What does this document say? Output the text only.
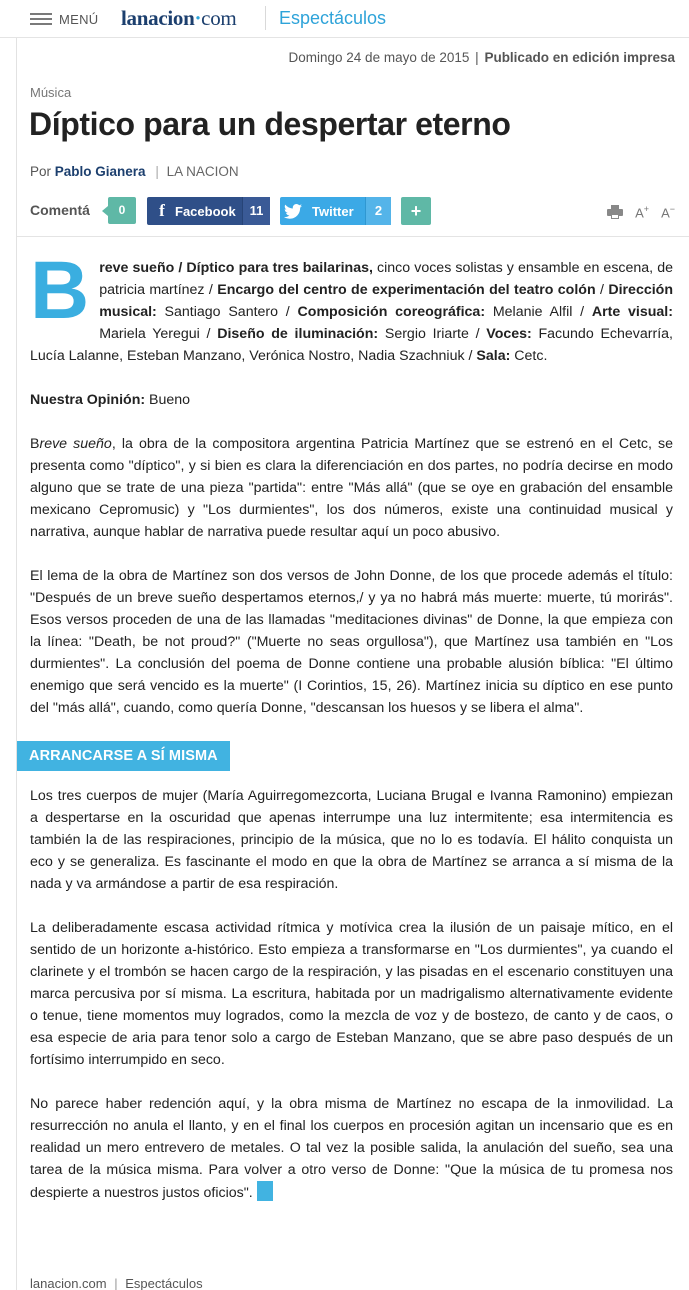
MENÚ lanacion·com Espectáculos
Domingo 24 de mayo de 2015 | Publicado en edición impresa
Música
Díptico para un despertar eterno
Por Pablo Gianera | LA NACION
Comentá	0	f Facebook	11	Twitter	2	+	A+ A−

Breve sueño / Díptico para tres bailarinas, cinco voces solistas y ensamble en escena, de patricia martínez / Encargo del centro de experimentación del teatro colón / Dirección musical: Santiago Santero / Composición coreográfica: Melanie Alfil / Arte visual: Mariela Yeregui / Diseño de iluminación: Sergio Iriarte / Voces: Facundo Echevarría, Lucía Lalanne, Esteban Manzano, Verónica Nostro, Nadia Szachniuk / Sala: Cetc.

Nuestra Opinión: Bueno

Breve sueño, la obra de la compositora argentina Patricia Martínez que se estrenó en el Cetc, se presenta como "díptico", y si bien es clara la diferenciación en dos partes, no podría decirse en modo alguno que se trate de una pieza "partida": entre "Más allá" (que se oye en grabación del ensamble mexicano Cepromusic) y "Los durmientes", los dos números, existe una continuidad musical y narrativa, aunque hablar de narrativa puede resultar aquí un poco abusivo.

El lema de la obra de Martínez son dos versos de John Donne, de los que procede además el título: "Después de un breve sueño despertamos eternos,/ y ya no habrá más muerte: muerte, tú morirás". Esos versos proceden de una de las llamadas "meditaciones divinas" de Donne, la que empieza con la línea: "Death, be not proud?" ("Muerte no seas orgullosa"), que Martínez usa también en "Los durmientes". La conclusión del poema de Donne contiene una probable alusión bíblica: "El último enemigo que será vencido es la muerte" (I Corintios, 15, 26). Martínez inicia su díptico en ese punto del "más allá", cuando, como quería Donne, "descansan los huesos y se libera el alma".

ARRANCARSE A SÍ MISMA

Los tres cuerpos de mujer (María Aguirregomezcorta, Luciana Brugal e Ivanna Ramonino) empiezan a despertarse en la oscuridad que apenas interrumpe una luz intermitente; esa intermitencia es también la de las respiraciones, principio de la música, que no lo es todavía. El hálito conquista un eco y se generaliza. Es fascinante el modo en que la obra de Martínez se arranca a sí misma de la nada y va armándose a partir de esa respiración.

La deliberadamente escasa actividad rítmica y motívica crea la ilusión de un paisaje mítico, en el sentido de un horizonte a-histórico. Esto empieza a transformarse en "Los durmientes", ya cuando el clarinete y el trombón se hacen cargo de la respiración, y las pisadas en el escenario constituyen una marca percusiva por sí misma. La escritura, habitada por un madrigalismo alternativamente evidente o tenue, tiene momentos muy logrados, como la mezcla de voz y de bostezo, de canto y de caos, o esa especie de aria para tenor solo a cargo de Esteban Manzano, que se abre paso después de un fortísimo interrumpido en seco.

No parece haber redención aquí, y la obra misma de Martínez no escapa de la inmovilidad. La resurrección no anula el llanto, y en el final los cuerpos en procesión agitan un incensario que es en realidad un mero entrevero de metales. O tal vez la posible salida, la anulación del sueño, sea una tarea de la música misma. Para volver a otro verso de Donne: "Que la música de tu promesa nos despierte a nuestros justos oficios".

lanacion.com | Espectáculos
